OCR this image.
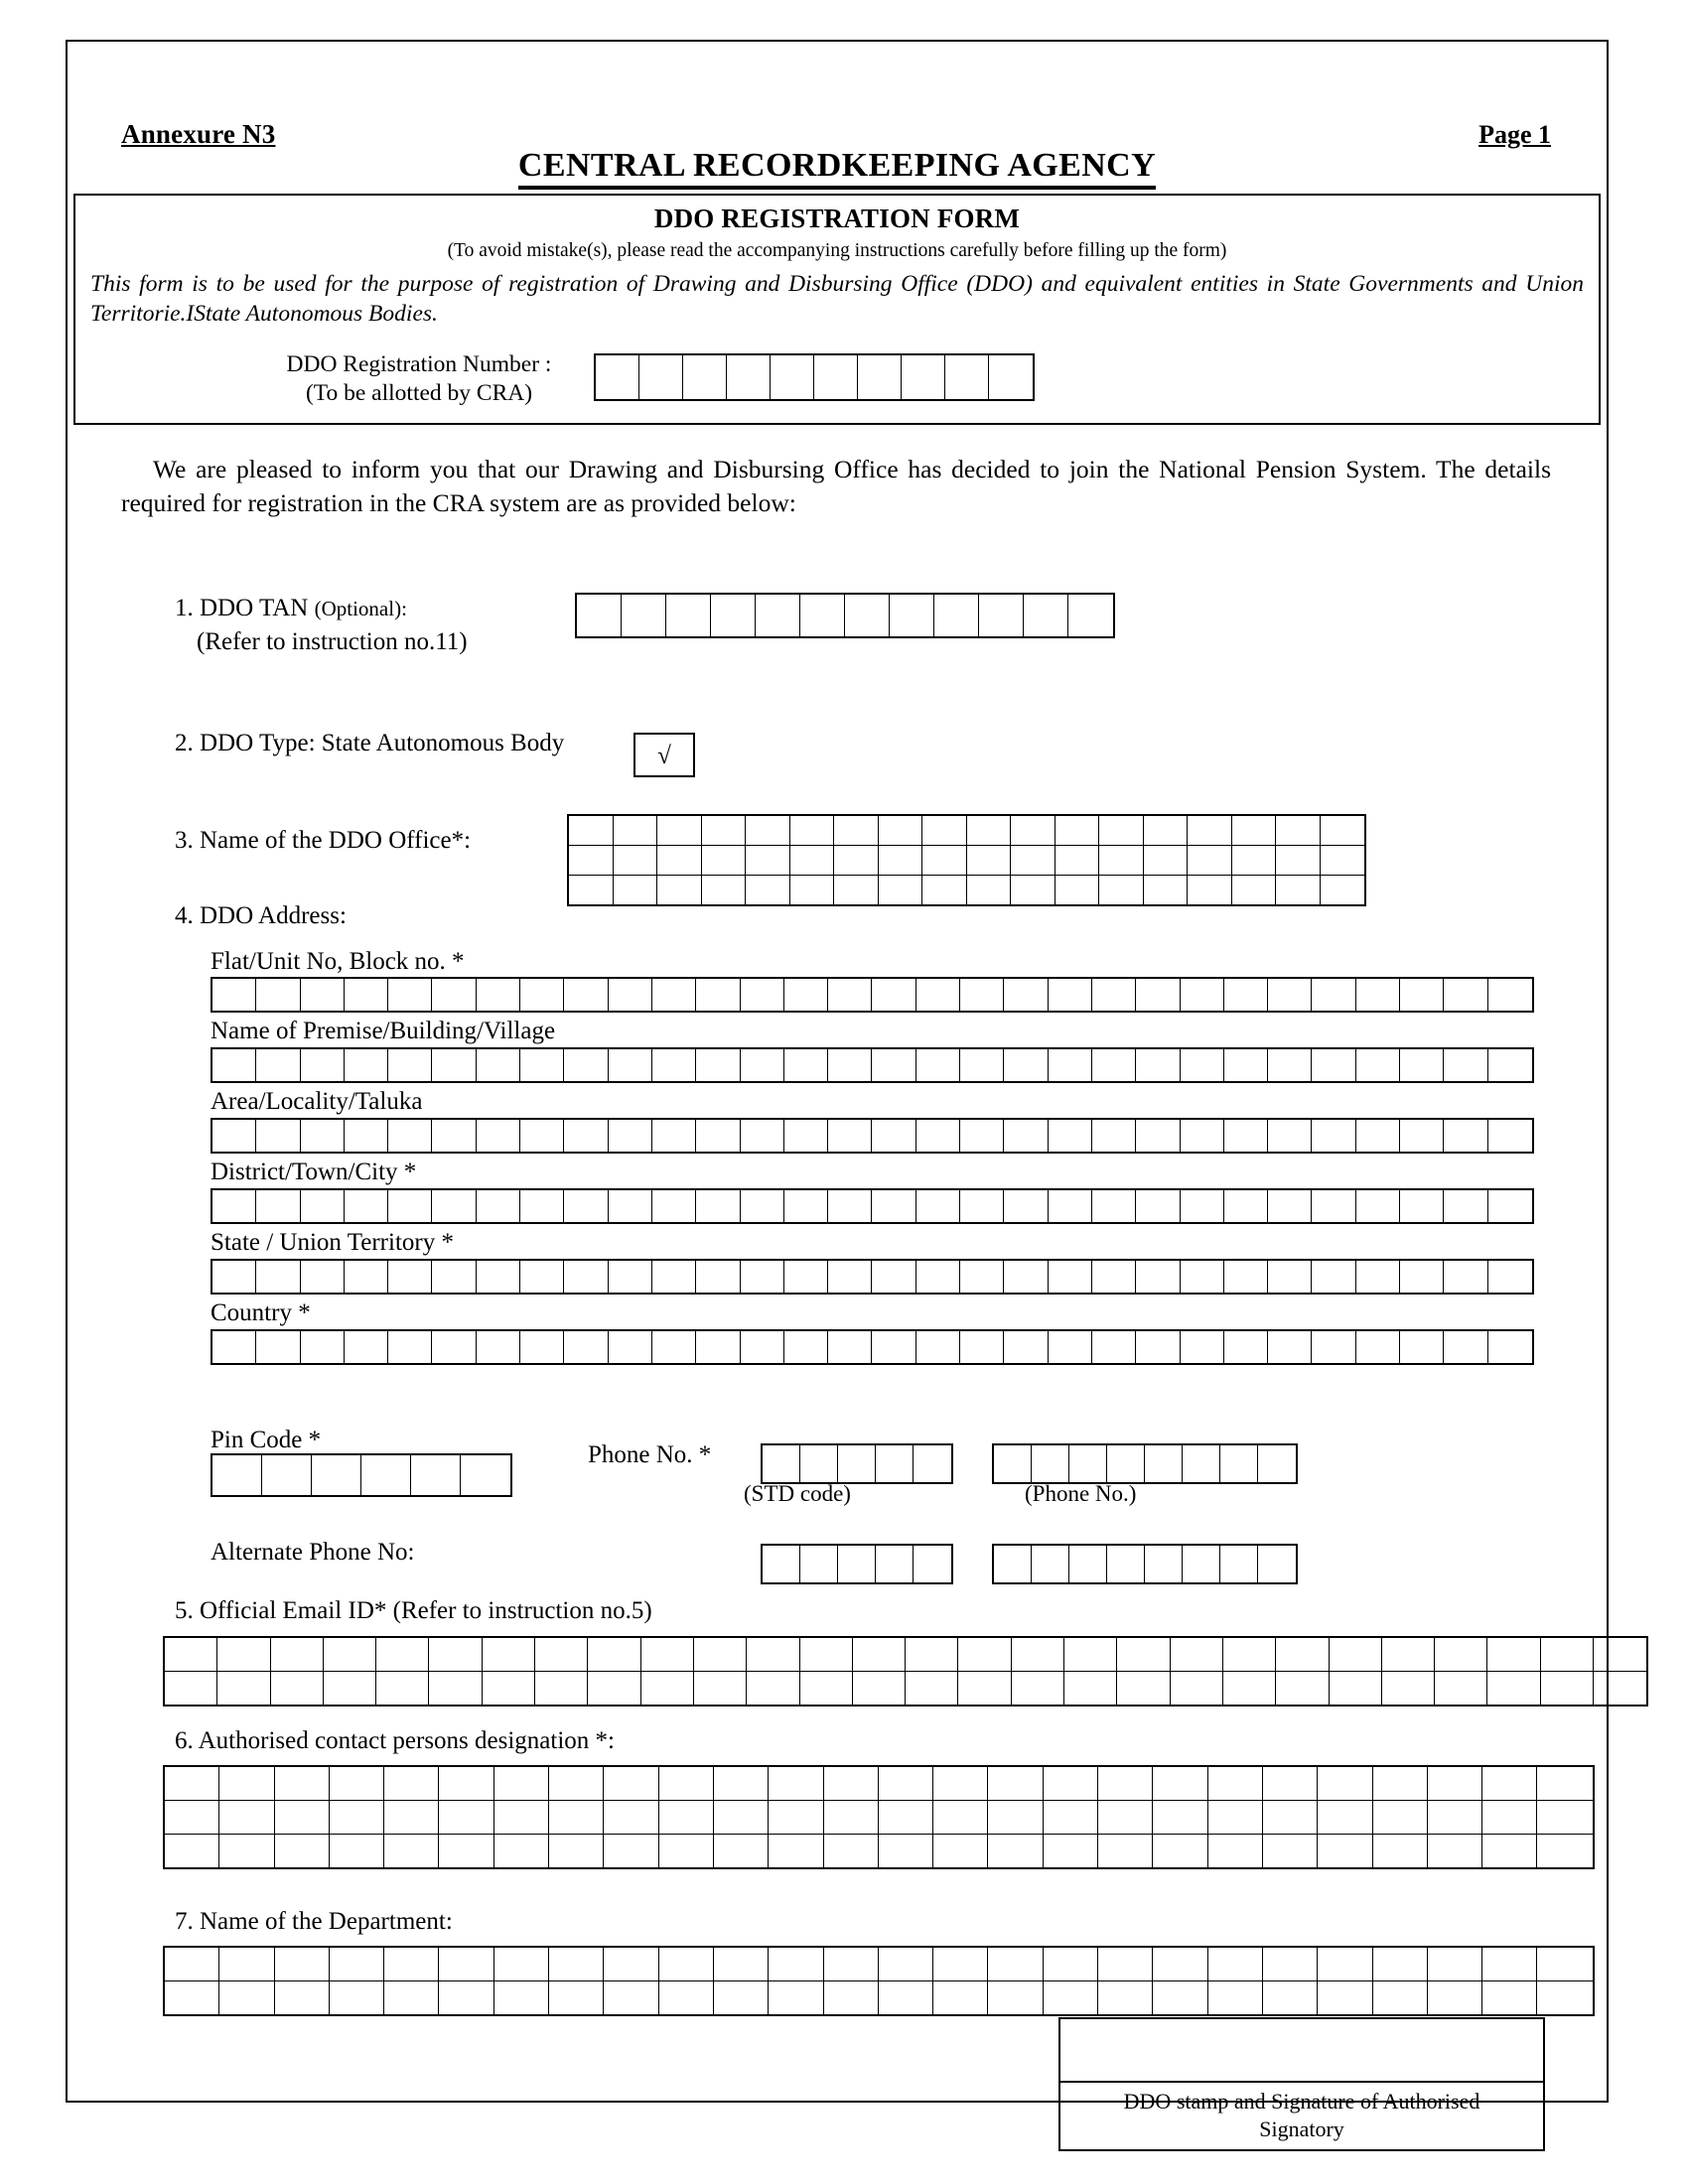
Annexure N3	Page 1
CENTRAL RECORDKEEPING AGENCY
DDO REGISTRATION FORM
(To avoid mistake(s), please read the accompanying instructions carefully before filling up the form)
This form is to be used for the purpose of registration of Drawing and Disbursing Office (DDO) and equivalent entities in State Governments and Union Territorie.IState Autonomous Bodies.
DDO Registration Number :
(To be allotted by CRA)
We are pleased to inform you that our Drawing and Disbursing Office has decided to join the National Pension System. The details required for registration in the CRA system are as provided below:
1. DDO TAN (Optional):
(Refer to instruction no.11)
2. DDO Type: State Autonomous Body	√
3. Name of the DDO Office*:
4. DDO Address:
Flat/Unit No, Block no. *
Name of Premise/Building/Village
Area/Locality/Taluka
District/Town/City *
State / Union Territory *
Country *
Pin Code *
Phone No. *
(STD code)	(Phone No.)
Alternate Phone No:
5. Official Email ID* (Refer to instruction no.5)
6. Authorised contact persons designation *:
7. Name of the Department:
DDO stamp and Signature of Authorised
Signatory
